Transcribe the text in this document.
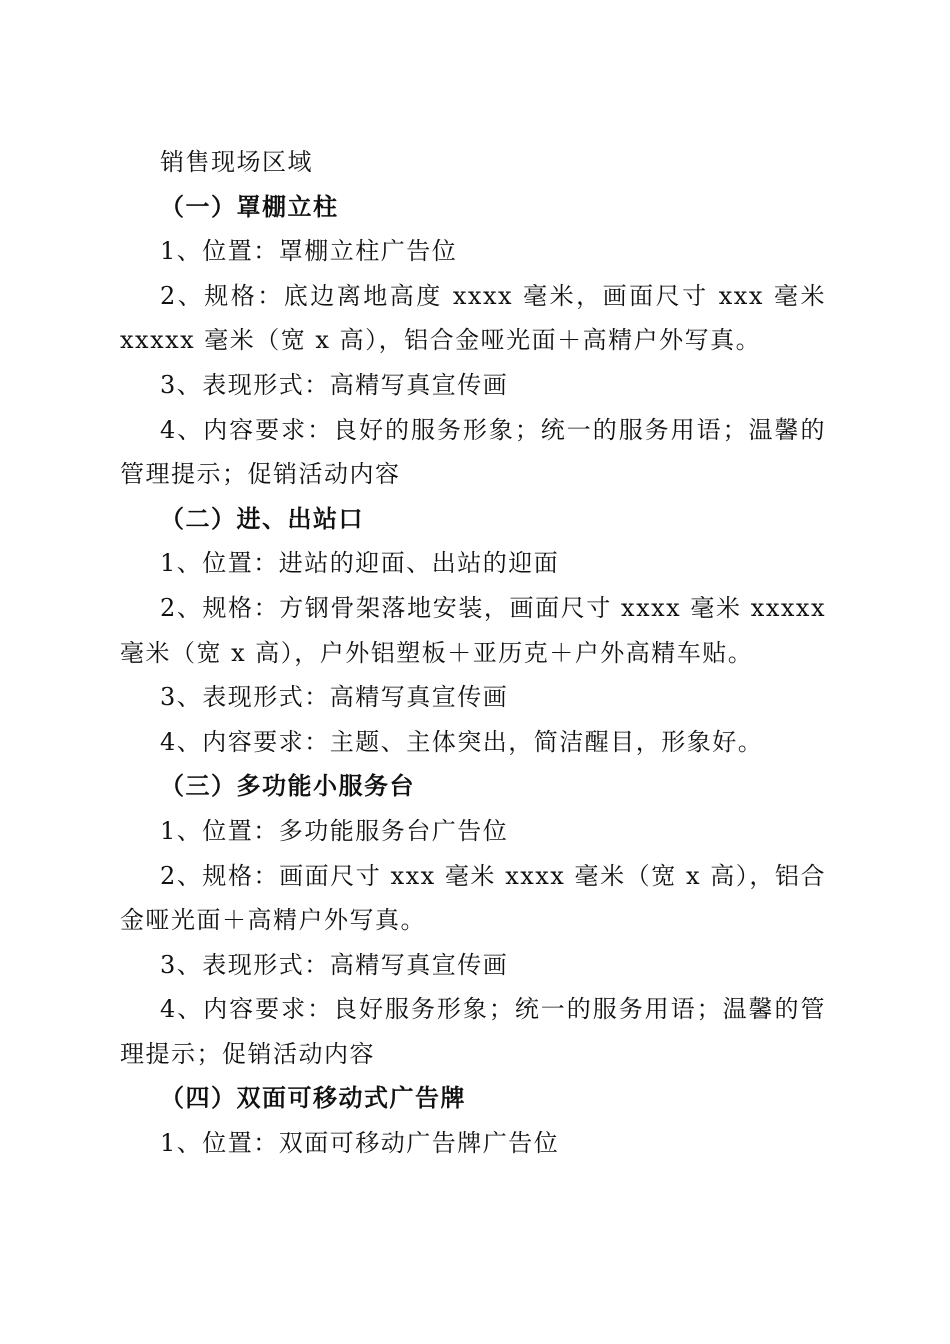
销售现场区域

（一）罩棚立柱

1、位置：罩棚立柱广告位

2、规格：底边离地高度 xxxx 毫米，画面尺寸 xxx 毫米 xxxxx 毫米（宽 x 高），铝合金哑光面＋高精户外写真。

3、表现形式：高精写真宣传画

4、内容要求：良好的服务形象；统一的服务用语；温馨的管理提示；促销活动内容

（二）进、出站口

1、位置：进站的迎面、出站的迎面

2、规格：方钢骨架落地安装，画面尺寸 xxxx 毫米 xxxxx 毫米（宽 x 高），户外铝塑板＋亚历克＋户外高精车贴。

3、表现形式：高精写真宣传画

4、内容要求：主题、主体突出，简洁醒目，形象好。

（三）多功能小服务台

1、位置：多功能服务台广告位

2、规格：画面尺寸 xxx 毫米 xxxx 毫米（宽 x 高），铝合金哑光面＋高精户外写真。

3、表现形式：高精写真宣传画

4、内容要求：良好服务形象；统一的服务用语；温馨的管理提示；促销活动内容

（四）双面可移动式广告牌

1、位置：双面可移动广告牌广告位
